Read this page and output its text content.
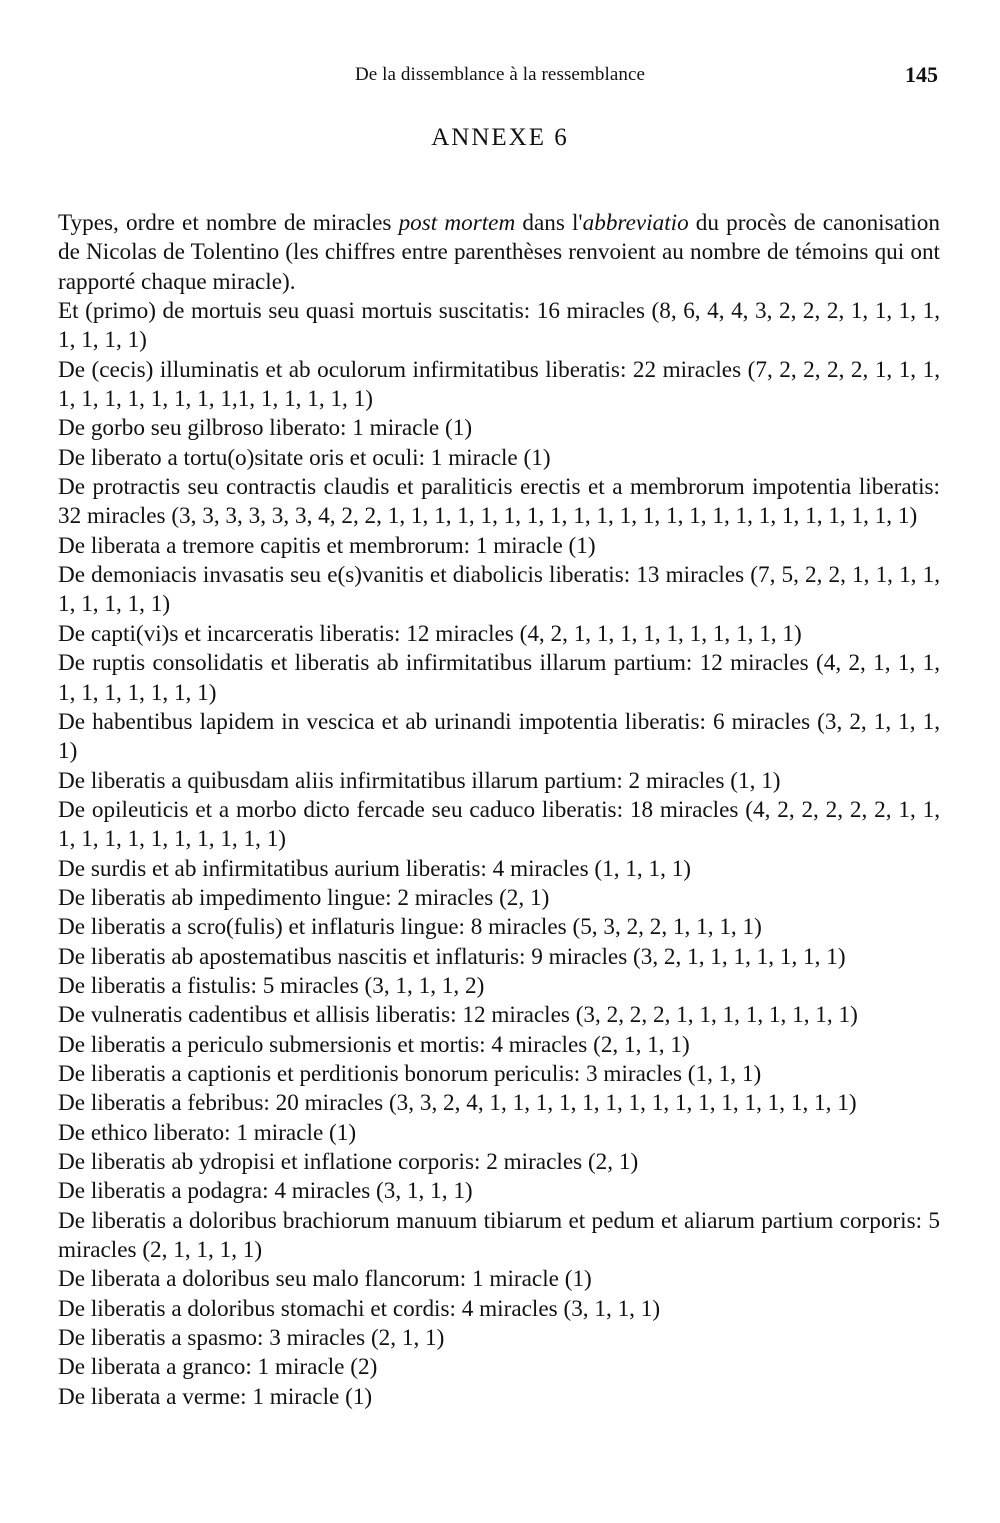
De la dissemblance à la ressemblance	145
ANNEXE 6

Types, ordre et nombre de miracles post mortem dans l'abbreviatio du procès de canonisation de Nicolas de Tolentino (les chiffres entre parenthèses renvoient au nombre de témoins qui ont rapporté chaque miracle).

Et (primo) de mortuis seu quasi mortuis suscitatis: 16 miracles (8, 6, 4, 4, 3, 2, 2, 2, 1, 1, 1, 1, 1, 1, 1, 1)

De (cecis) illuminatis et ab oculorum infirmitatibus liberatis: 22 miracles (7, 2, 2, 2, 2, 1, 1, 1, 1, 1, 1, 1, 1, 1, 1, 1,1, 1, 1, 1, 1, 1)

De gorbo seu gilbroso liberato: 1 miracle (1)

De liberato a tortu(o)sitate oris et oculi: 1 miracle (1)

De protractis seu contractis claudis et paraliticis erectis et a membrorum impotentia liberatis: 32 miracles (3, 3, 3, 3, 3, 3, 4, 2, 2, 1, 1, 1, 1, 1, 1, 1, 1, 1, 1, 1, 1, 1, 1, 1, 1, 1, 1, 1, 1, 1, 1, 1)

De liberata a tremore capitis et membrorum: 1 miracle (1)

De demoniacis invasatis seu e(s)vanitis et diabolicis liberatis: 13 miracles (7, 5, 2, 2, 1, 1, 1, 1, 1, 1, 1, 1, 1)

De capti(vi)s et incarceratis liberatis: 12 miracles (4, 2, 1, 1, 1, 1, 1, 1, 1, 1, 1, 1)

De ruptis consolidatis et liberatis ab infirmitatibus illarum partium: 12 miracles (4, 2, 1, 1, 1, 1, 1, 1, 1, 1, 1, 1)

De habentibus lapidem in vescica et ab urinandi impotentia liberatis: 6 miracles (3, 2, 1, 1, 1, 1)

De liberatis a quibusdam aliis infirmitatibus illarum partium: 2 miracles (1, 1)

De opileuticis et a morbo dicto fercade seu caduco liberatis: 18 miracles (4, 2, 2, 2, 2, 2, 1, 1, 1, 1, 1, 1, 1, 1, 1, 1, 1, 1)

De surdis et ab infirmitatibus aurium liberatis: 4 miracles (1, 1, 1, 1)

De liberatis ab impedimento lingue: 2 miracles (2, 1)

De liberatis a scro(fulis) et inflaturis lingue: 8 miracles (5, 3, 2, 2, 1, 1, 1, 1)

De liberatis ab apostematibus nascitis et inflaturis: 9 miracles (3, 2, 1, 1, 1, 1, 1, 1, 1)

De liberatis a fistulis: 5 miracles (3, 1, 1, 1, 2)

De vulneratis cadentibus et allisis liberatis: 12 miracles (3, 2, 2, 2, 1, 1, 1, 1, 1, 1, 1, 1)

De liberatis a periculo submersionis et mortis: 4 miracles (2, 1, 1, 1)

De liberatis a captionis et perditionis bonorum periculis: 3 miracles (1, 1, 1)

De liberatis a febribus: 20 miracles (3, 3, 2, 4, 1, 1, 1, 1, 1, 1, 1, 1, 1, 1, 1, 1, 1, 1, 1, 1)

De ethico liberato: 1 miracle (1)

De liberatis ab ydropisi et inflatione corporis: 2 miracles (2, 1)

De liberatis a podagra: 4 miracles (3, 1, 1, 1)

De liberatis a doloribus brachiorum manuum tibiarum et pedum et aliarum partium corporis: 5 miracles (2, 1, 1, 1, 1)

De liberata a doloribus seu malo flancorum: 1 miracle (1)

De liberatis a doloribus stomachi et cordis: 4 miracles (3, 1, 1, 1)

De liberatis a spasmo: 3 miracles (2, 1, 1)

De liberata a granco: 1 miracle (2)

De liberata a verme: 1 miracle (1)
